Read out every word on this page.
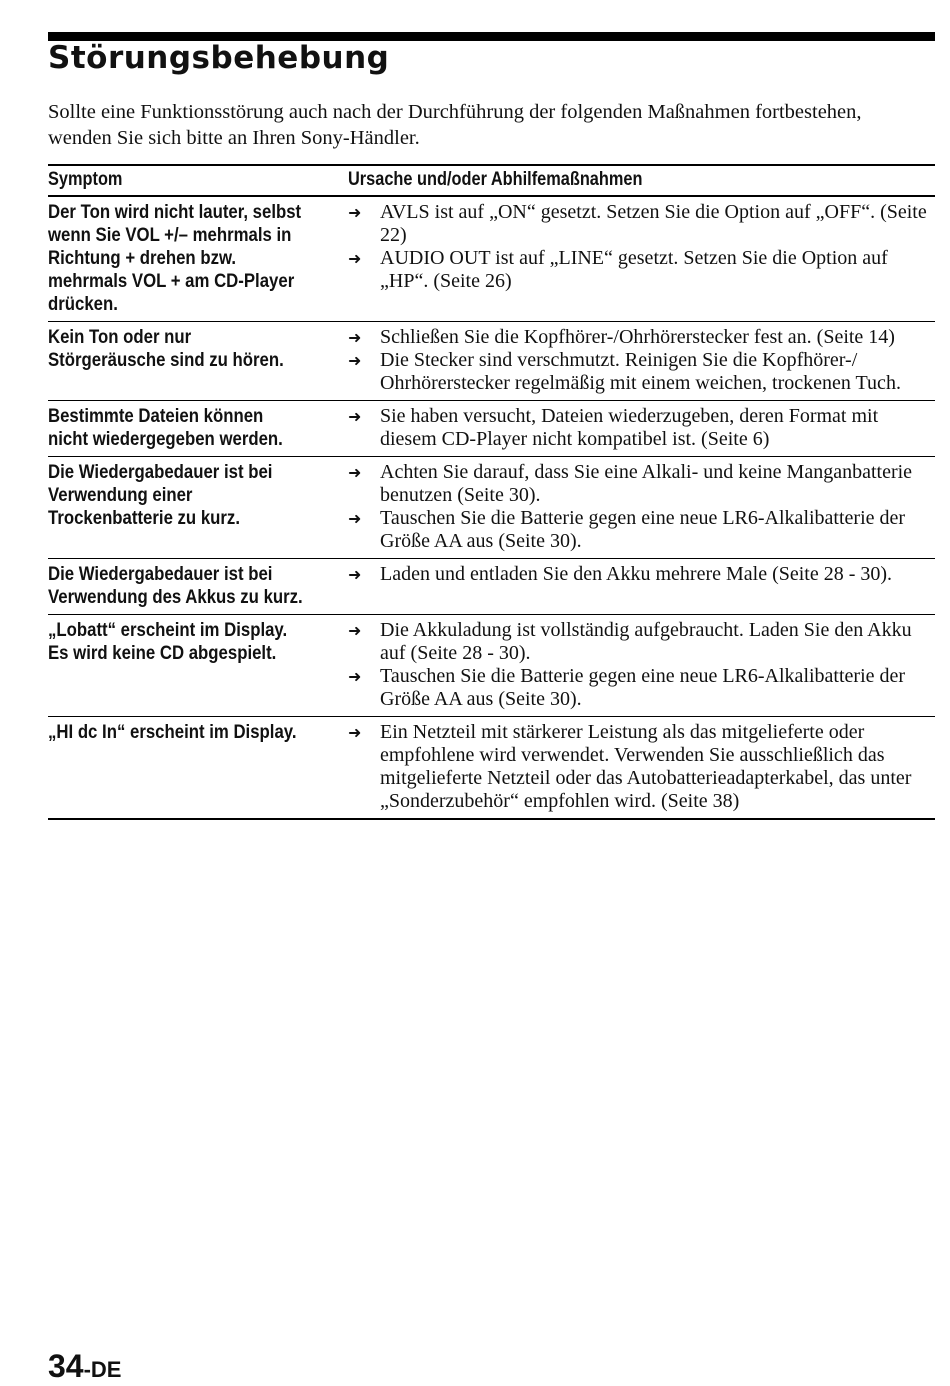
Störungsbehebung
Sollte eine Funktionsstörung auch nach der Durchführung der folgenden Maßnahmen fortbestehen, wenden Sie sich bitte an Ihren Sony-Händler.
Symptom	Ursache und/oder Abhilfemaßnahmen

Der Ton wird nicht lauter, selbst wenn Sie VOL +/– mehrmals in Richtung + drehen bzw. mehrmals VOL + am CD-Player drücken.	➜ AVLS ist auf „ON“ gesetzt. Setzen Sie die Option auf „OFF“. (Seite 22)
➜ AUDIO OUT ist auf „LINE“ gesetzt. Setzen Sie die Option auf „HP“. (Seite 26)

Kein Ton oder nur Störgeräusche sind zu hören.	➜ Schließen Sie die Kopfhörer-/Ohrhörerstecker fest an. (Seite 14)
➜ Die Stecker sind verschmutzt. Reinigen Sie die Kopfhörer-/ Ohrhörerstecker regelmäßig mit einem weichen, trockenen Tuch.

Bestimmte Dateien können nicht wiedergegeben werden.	➜ Sie haben versucht, Dateien wiederzugeben, deren Format mit diesem CD-Player nicht kompatibel ist. (Seite 6)

Die Wiedergabedauer ist bei Verwendung einer Trockenbatterie zu kurz.	➜ Achten Sie darauf, dass Sie eine Alkali- und keine Manganbatterie benutzen (Seite 30).
➜ Tauschen Sie die Batterie gegen eine neue LR6-Alkalibatterie der Größe AA aus (Seite 30).

Die Wiedergabedauer ist bei Verwendung des Akkus zu kurz.	➜ Laden und entladen Sie den Akku mehrere Male (Seite 28 - 30).

„Lobatt“ erscheint im Display. Es wird keine CD abgespielt.	➜ Die Akkuladung ist vollständig aufgebraucht. Laden Sie den Akku auf (Seite 28 - 30).
➜ Tauschen Sie die Batterie gegen eine neue LR6-Alkalibatterie der Größe AA aus (Seite 30).

„HI dc In“ erscheint im Display.	➜ Ein Netzteil mit stärkerer Leistung als das mitgelieferte oder empfohlene wird verwendet. Verwenden Sie ausschließlich das mitgelieferte Netzteil oder das Autobatterieadapterkabel, das unter „Sonderzubehör“ empfohlen wird. (Seite 38)
34-DE
